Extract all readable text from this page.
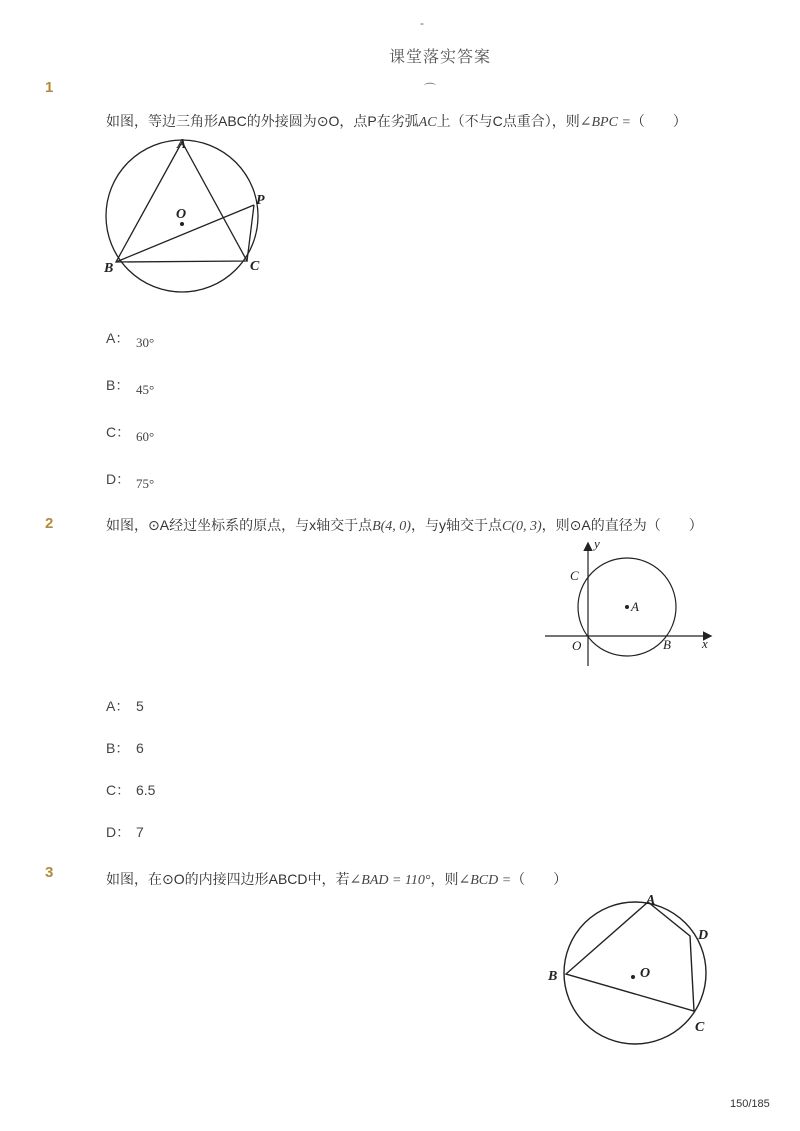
-
课堂落实答案
⌒
1
如图，等边三角形ABC的外接圆为⊙O，点P在劣弧AC上（不与C点重合），则∠BPC =（　　）
A
B	C
P
O
A： 30°
B： 45°
C： 60°
D： 75°
2	如图，⊙A经过坐标系的原点，与x轴交于点B(4, 0)，与y轴交于点C(0, 3)，则⊙A的直径为（　　）
y
x
C
A
O	B
A： 5
B： 6
C： 6.5
D： 7
3	如图，在⊙O的内接四边形ABCD中，若∠BAD = 110°，则∠BCD =（　　）
A
B
C
D
O
150/185
